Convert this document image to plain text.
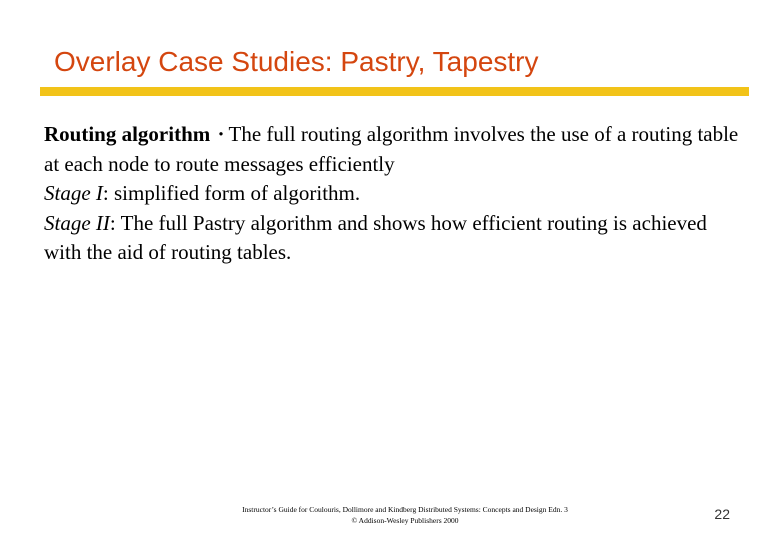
Overlay Case Studies: Pastry, Tapestry

Routing algorithm · The full routing algorithm involves the use of a routing table at each node to route messages efficiently

Stage I: simplified form of algorithm.

Stage II: The full Pastry algorithm and shows how efficient routing is achieved with the aid of routing tables.

Instructor’s Guide for Coulouris, Dollimore and Kindberg Distributed Systems: Concepts and Design Edn. 3
© Addison-Wesley Publishers 2000	22
